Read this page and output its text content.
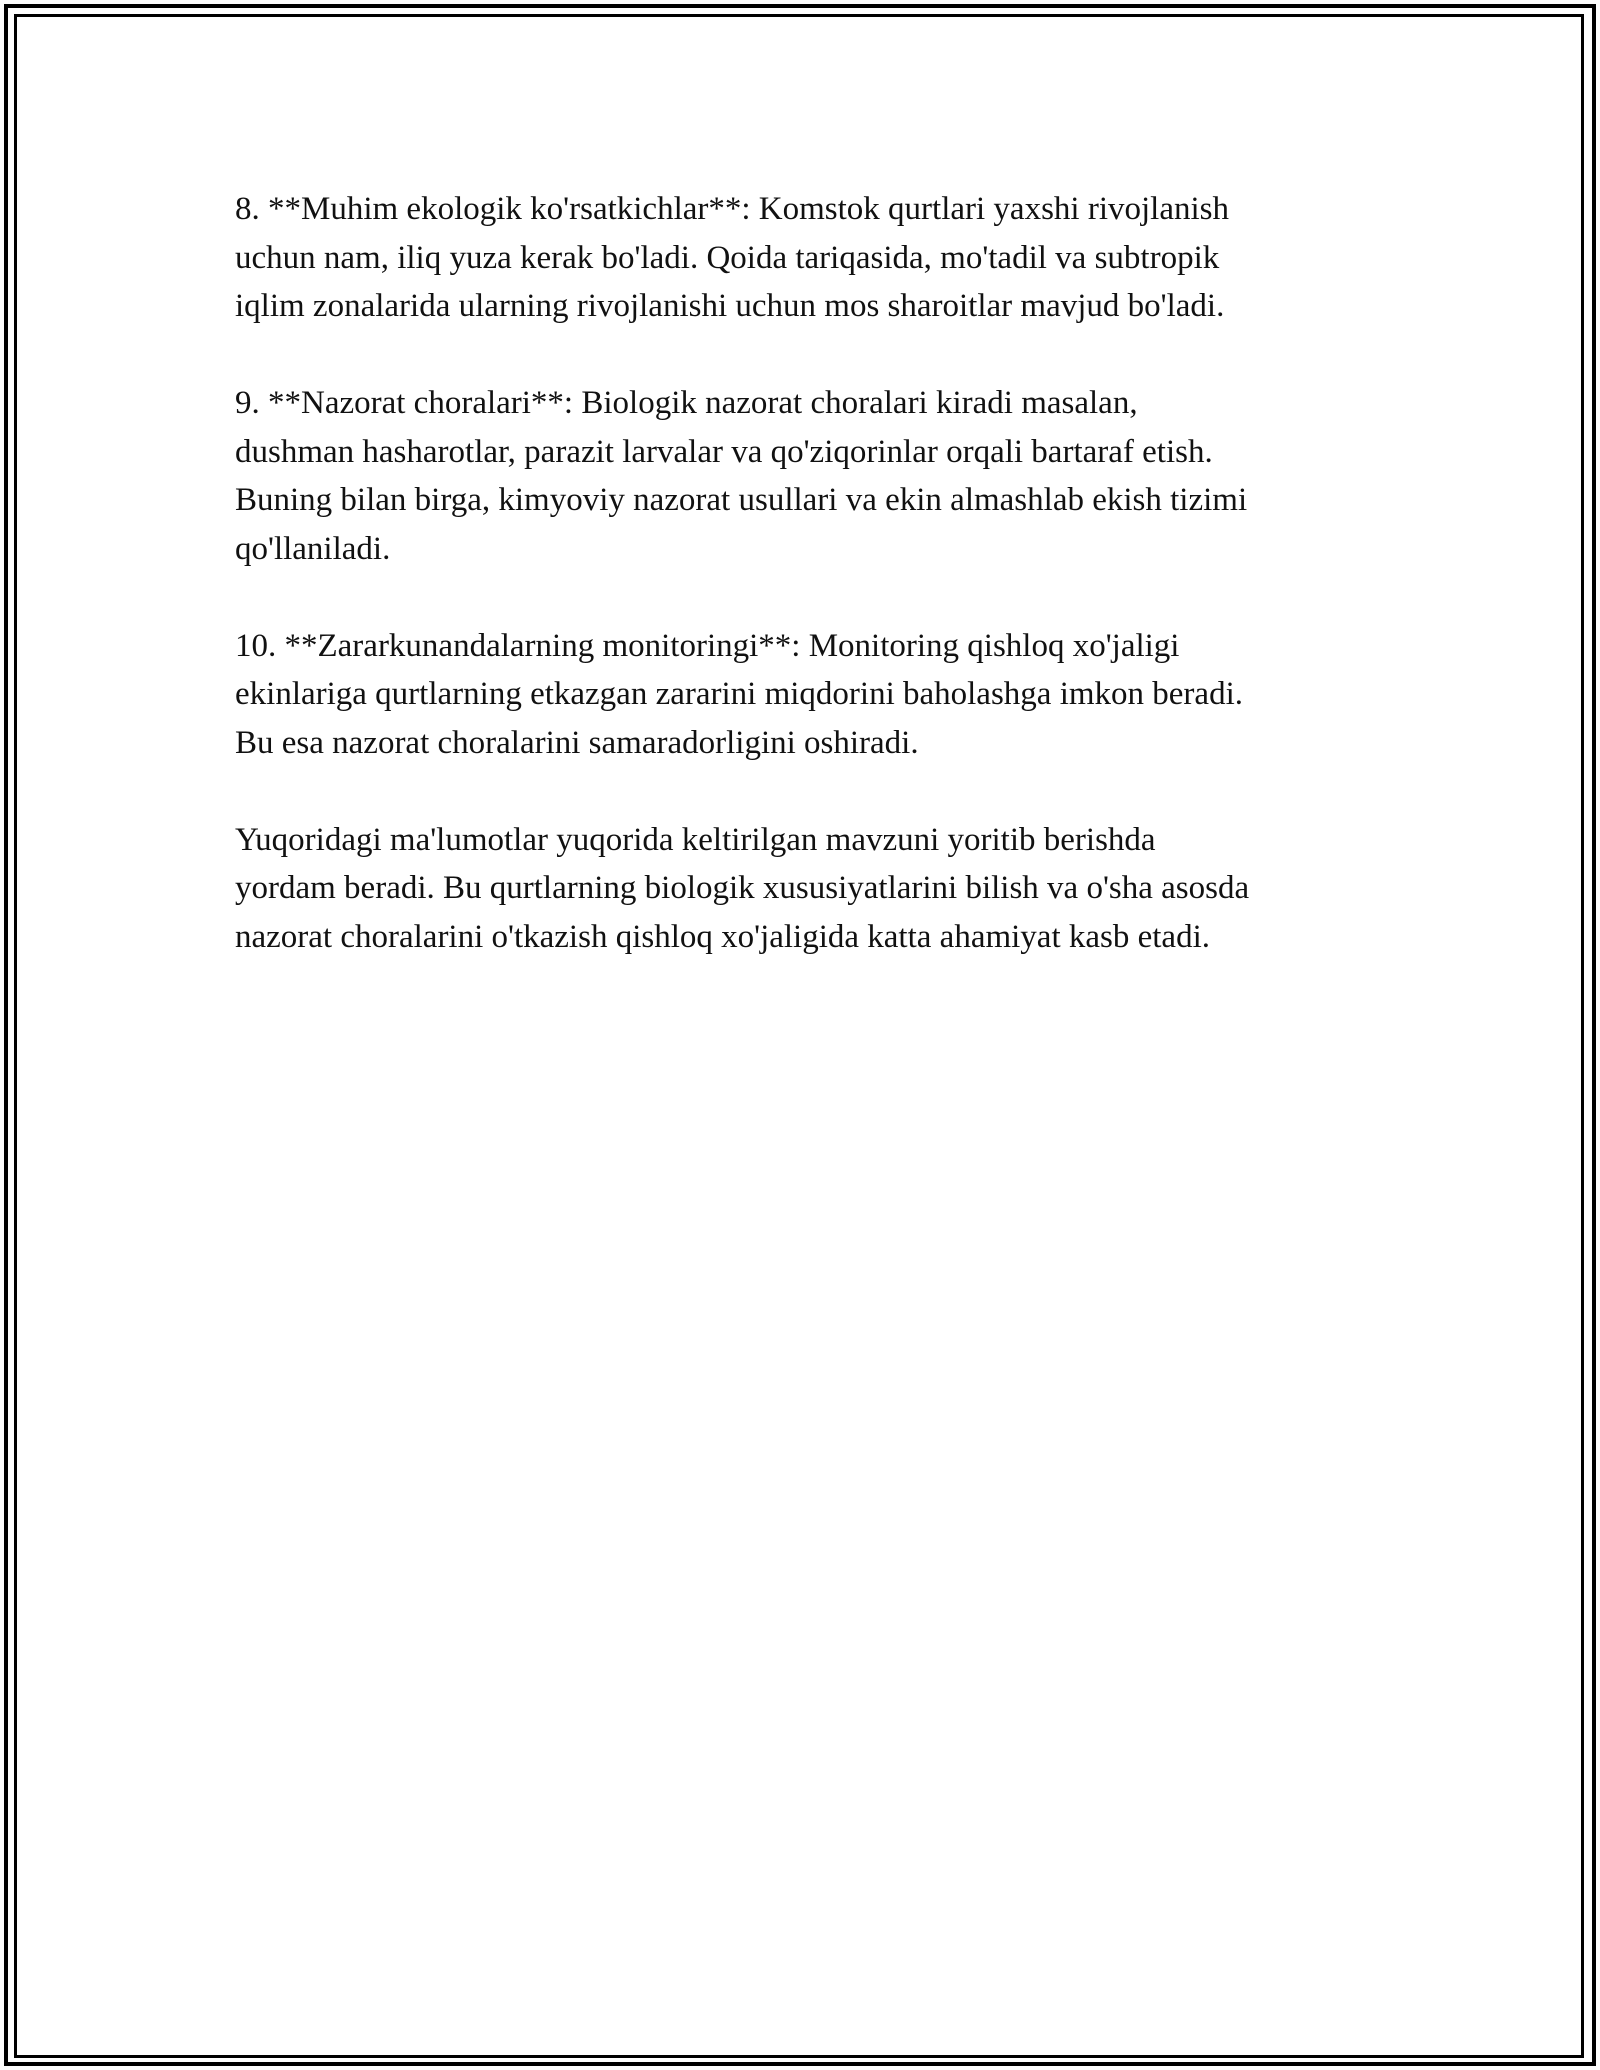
8. **Muhim ekologik ko'rsatkichlar**: Komstok qurtlari yaxshi rivojlanish
uchun nam, iliq yuza kerak bo'ladi. Qoida tariqasida, mo'tadil va subtropik
iqlim zonalarida ularning rivojlanishi uchun mos sharoitlar mavjud bo'ladi.

9. **Nazorat choralari**: Biologik nazorat choralari kiradi masalan,
dushman hasharotlar, parazit larvalar va qo'ziqorinlar orqali bartaraf etish.
Buning bilan birga, kimyoviy nazorat usullari va ekin almashlab ekish tizimi
qo'llaniladi.

10. **Zararkunandalarning monitoringi**: Monitoring qishloq xo'jaligi
ekinlariga qurtlarning etkazgan zararini miqdorini baholashga imkon beradi.
Bu esa nazorat choralarini samaradorligini oshiradi.

Yuqoridagi ma'lumotlar yuqorida keltirilgan mavzuni yoritib berishda
yordam beradi. Bu qurtlarning biologik xususiyatlarini bilish va o'sha asosda
nazorat choralarini o'tkazish qishloq xo'jaligida katta ahamiyat kasb etadi.
